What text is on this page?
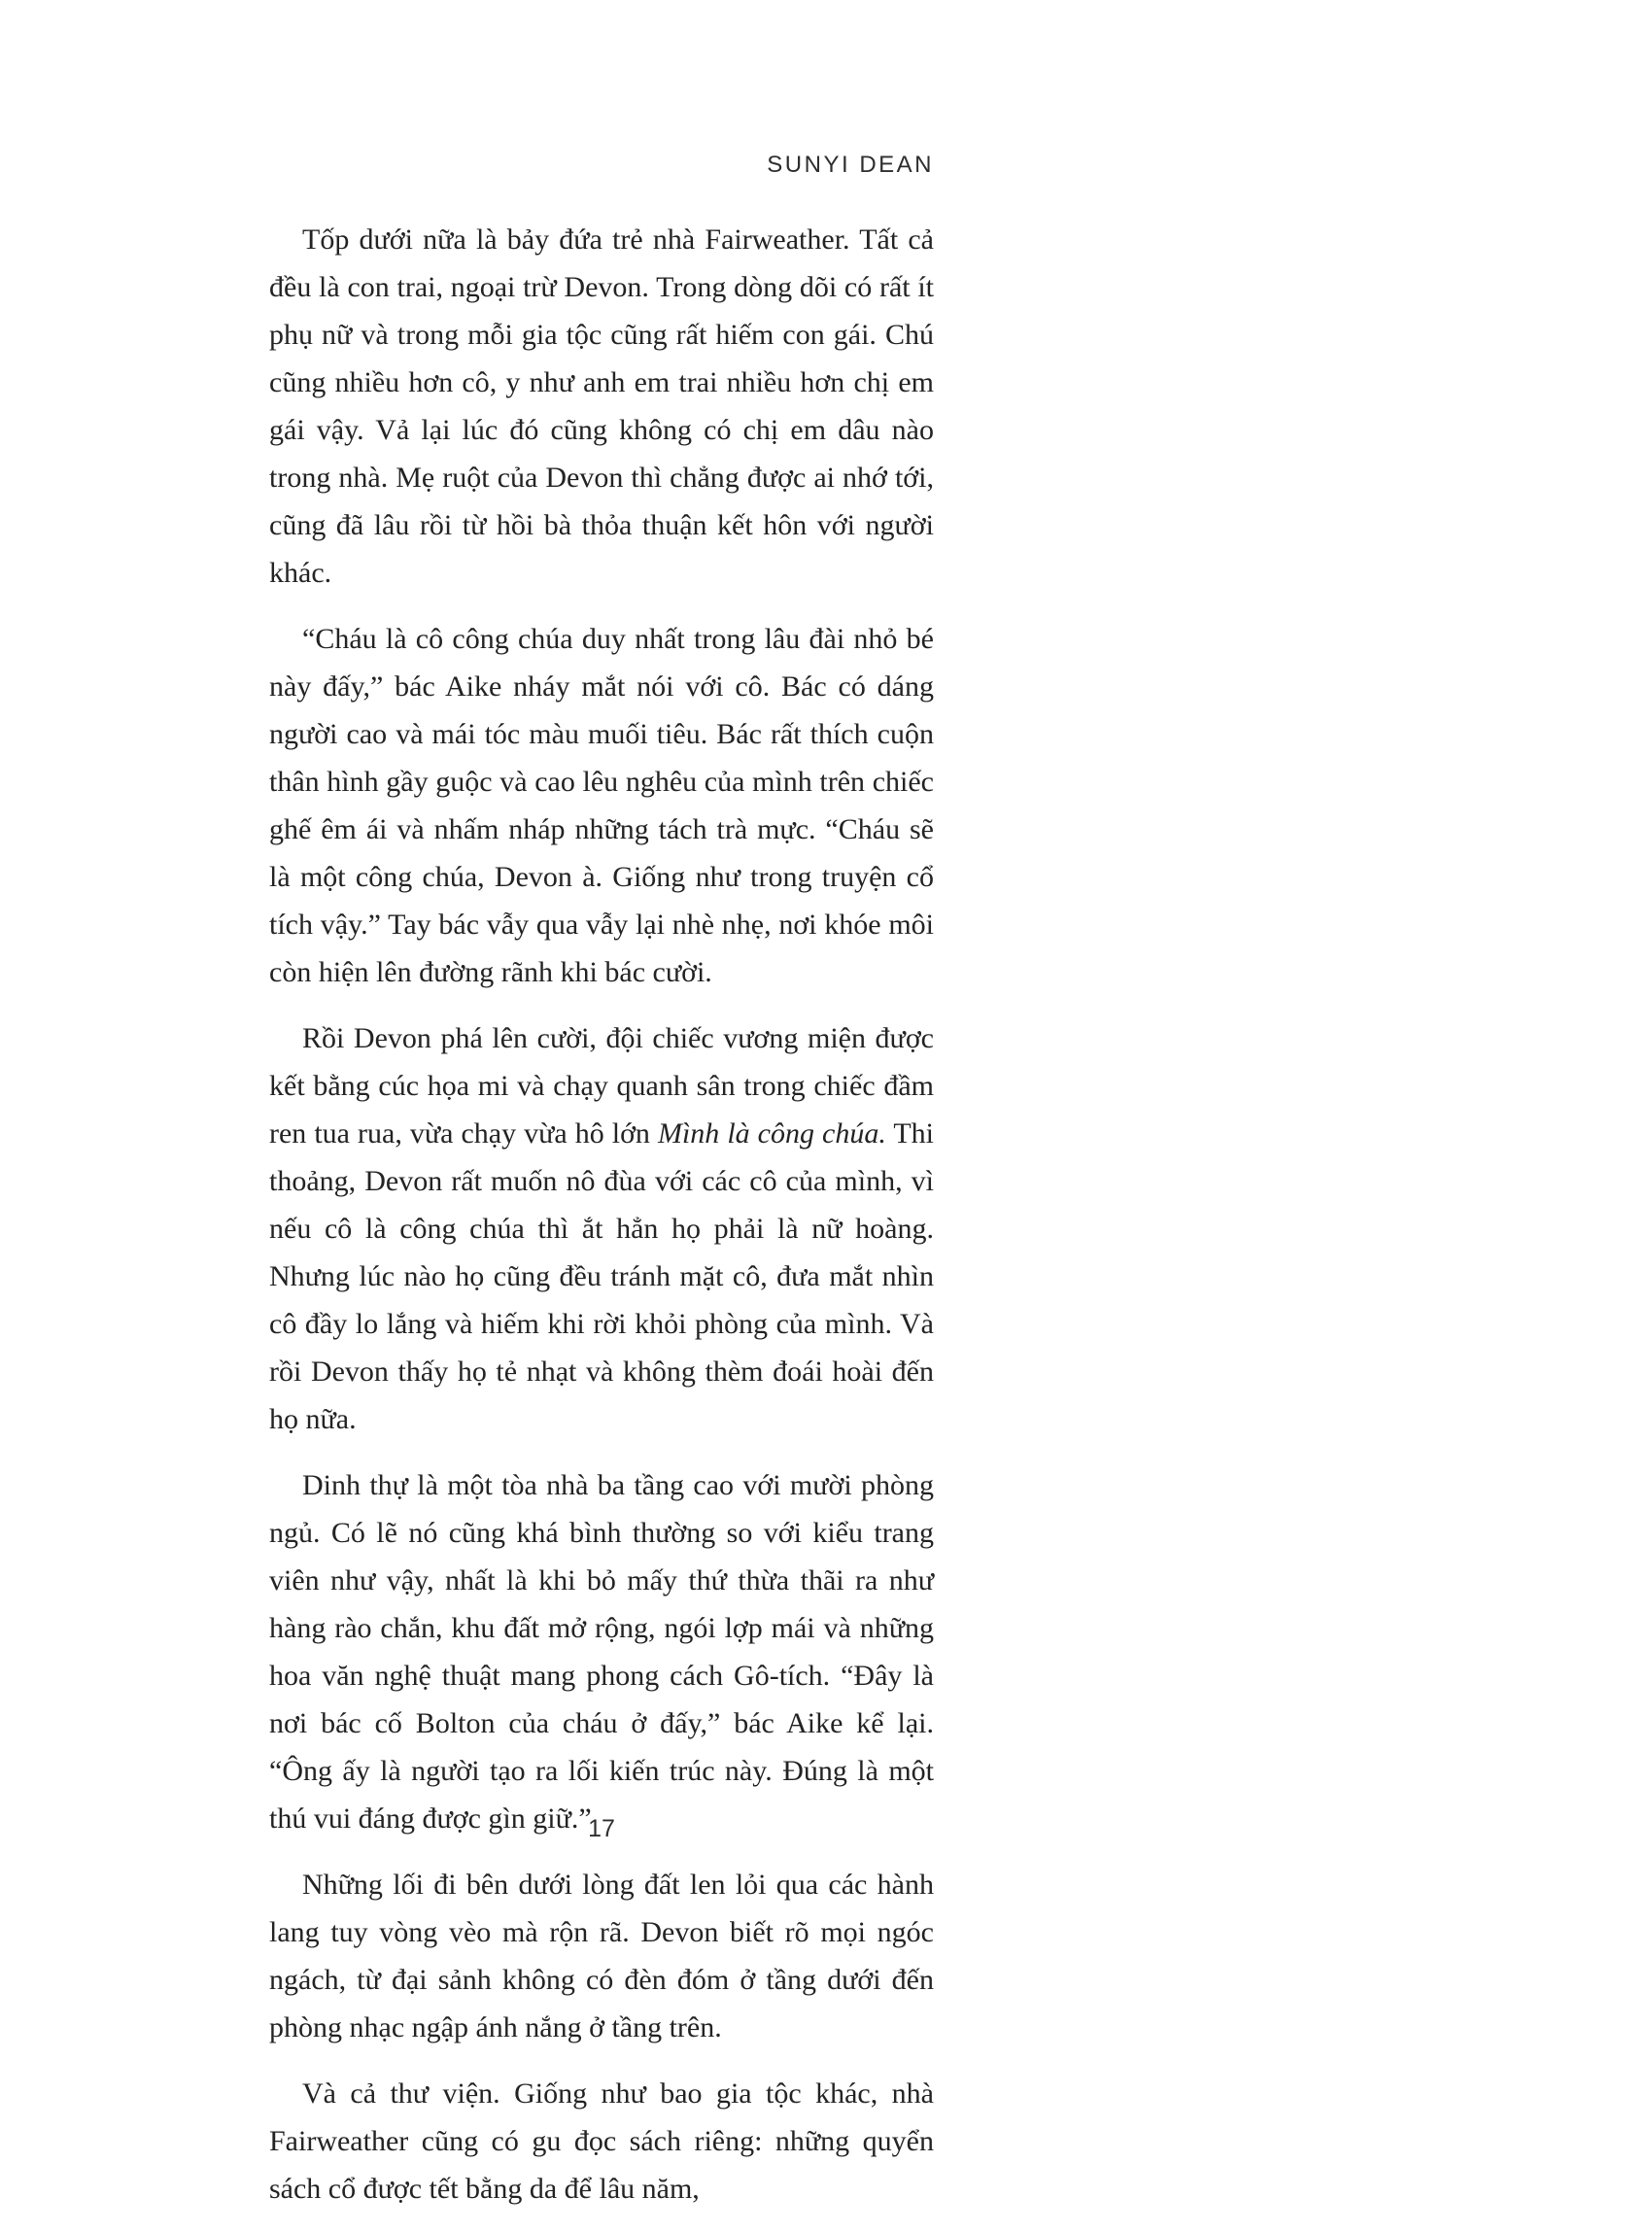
SUNYI DEAN

Tốp dưới nữa là bảy đứa trẻ nhà Fairweather. Tất cả đều là con trai, ngoại trừ Devon. Trong dòng dõi có rất ít phụ nữ và trong mỗi gia tộc cũng rất hiếm con gái. Chú cũng nhiều hơn cô, y như anh em trai nhiều hơn chị em gái vậy. Vả lại lúc đó cũng không có chị em dâu nào trong nhà. Mẹ ruột của Devon thì chẳng được ai nhớ tới, cũng đã lâu rồi từ hồi bà thỏa thuận kết hôn với người khác.

“Cháu là cô công chúa duy nhất trong lâu đài nhỏ bé này đấy,” bác Aike nháy mắt nói với cô. Bác có dáng người cao và mái tóc màu muối tiêu. Bác rất thích cuộn thân hình gầy guộc và cao lêu nghêu của mình trên chiếc ghế êm ái và nhấm nháp những tách trà mực. “Cháu sẽ là một công chúa, Devon à. Giống như trong truyện cổ tích vậy.” Tay bác vẫy qua vẫy lại nhè nhẹ, nơi khóe môi còn hiện lên đường rãnh khi bác cười.

Rồi Devon phá lên cười, đội chiếc vương miện được kết bằng cúc họa mi và chạy quanh sân trong chiếc đầm ren tua rua, vừa chạy vừa hô lớn Mình là công chúa. Thi thoảng, Devon rất muốn nô đùa với các cô của mình, vì nếu cô là công chúa thì ắt hẳn họ phải là nữ hoàng. Nhưng lúc nào họ cũng đều tránh mặt cô, đưa mắt nhìn cô đầy lo lắng và hiếm khi rời khỏi phòng của mình. Và rồi Devon thấy họ tẻ nhạt và không thèm đoái hoài đến họ nữa.

Dinh thự là một tòa nhà ba tầng cao với mười phòng ngủ. Có lẽ nó cũng khá bình thường so với kiểu trang viên như vậy, nhất là khi bỏ mấy thứ thừa thãi ra như hàng rào chắn, khu đất mở rộng, ngói lợp mái và những hoa văn nghệ thuật mang phong cách Gô-tích. “Đây là nơi bác cố Bolton của cháu ở đấy,” bác Aike kể lại. “Ông ấy là người tạo ra lối kiến trúc này. Đúng là một thú vui đáng được gìn giữ.”

Những lối đi bên dưới lòng đất len lỏi qua các hành lang tuy vòng vèo mà rộn rã. Devon biết rõ mọi ngóc ngách, từ đại sảnh không có đèn đóm ở tầng dưới đến phòng nhạc ngập ánh nắng ở tầng trên.

Và cả thư viện. Giống như bao gia tộc khác, nhà Fairweather cũng có gu đọc sách riêng: những quyển sách cổ được tết bằng da để lâu năm,

17
